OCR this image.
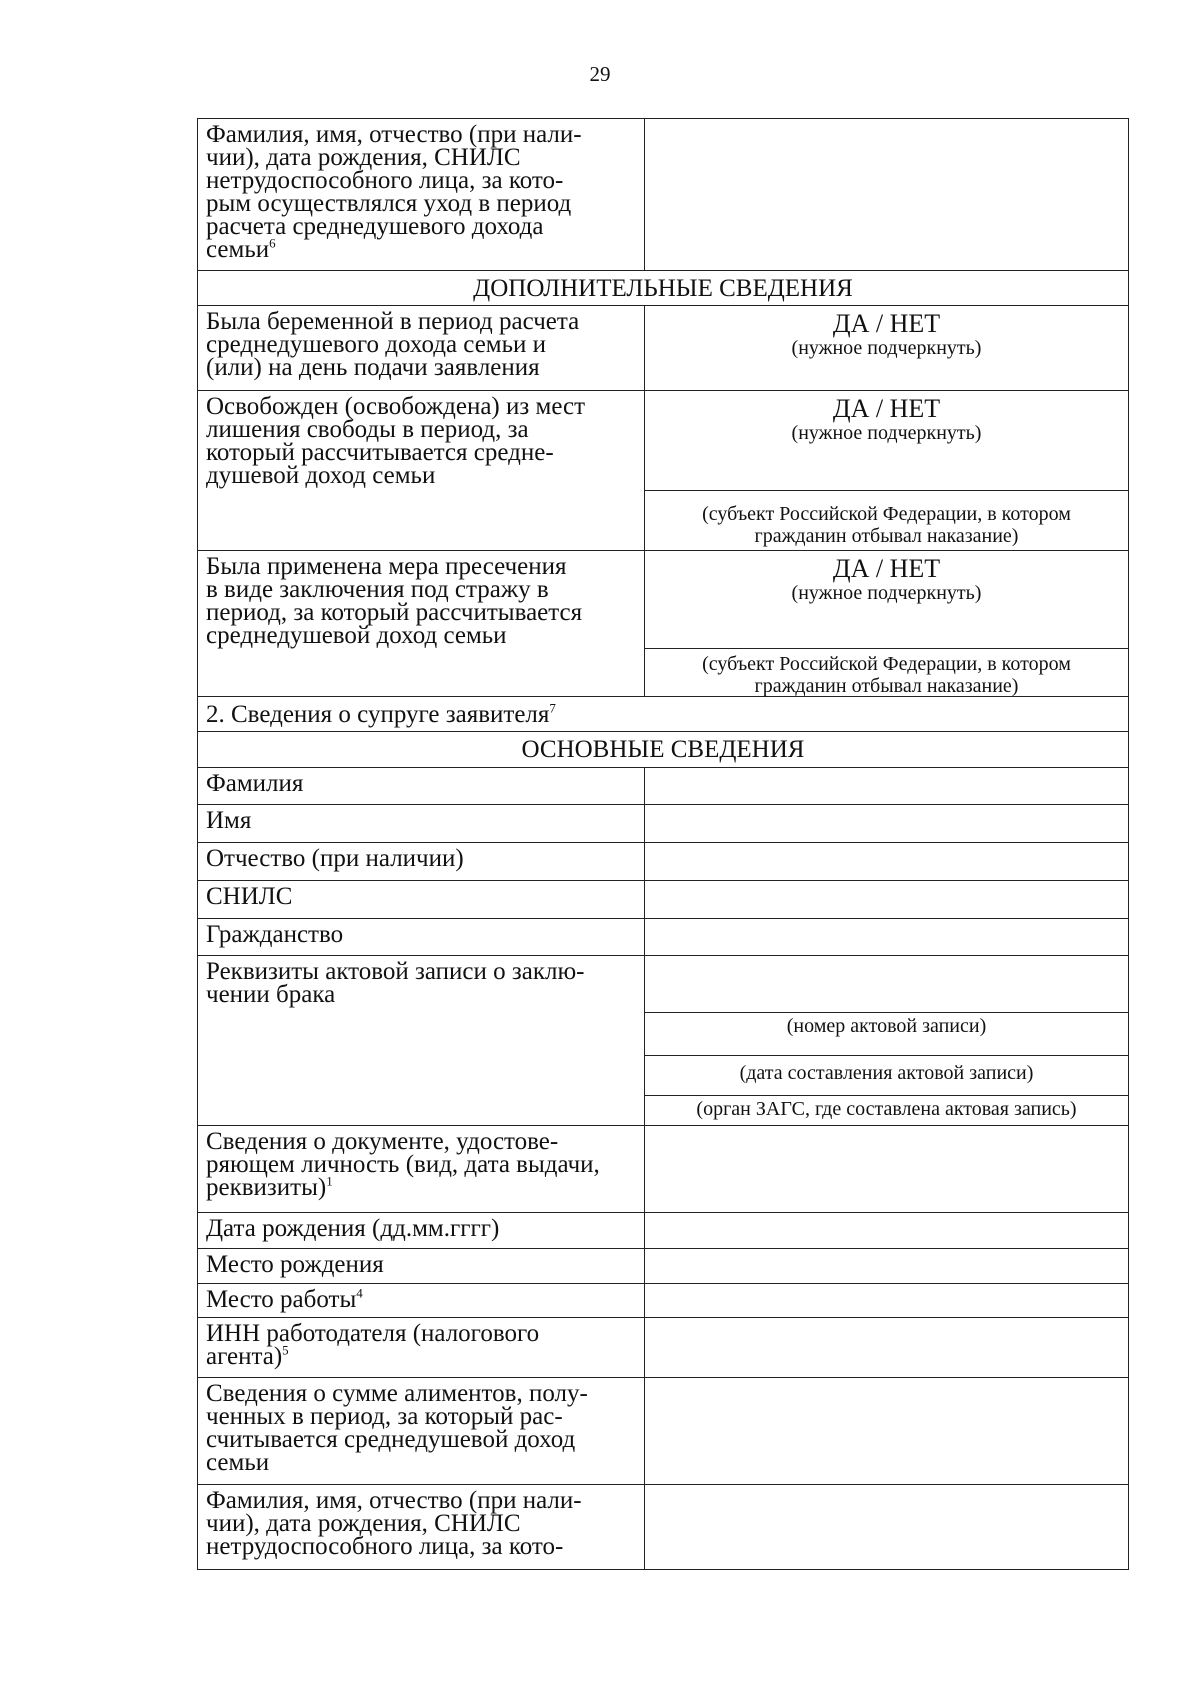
29
Фамилия, имя, отчество (при нали-
чии), дата рождения, СНИЛС
нетрудоспособного лица, за кото-
рым осуществлялся уход в период
расчета среднедушевого дохода
семьи$^6$
ДОПОЛНИТЕЛЬНЫЕ СВЕДЕНИЯ
Была беременной в период расчета
среднедушевого дохода семьи и
(или) на день подачи заявления
ДА / НЕТ
(нужное подчеркнуть)
Освобожден (освобождена) из мест
лишения свободы в период, за
который рассчитывается средне-
душевой доход семьи
ДА / НЕТ
(нужное подчеркнуть)
(субъект Российской Федерации, в котором
гражданин отбывал наказание)
Была применена мера пресечения
в виде заключения под стражу в
период, за который рассчитывается
среднедушевой доход семьи
ДА / НЕТ
(нужное подчеркнуть)
(субъект Российской Федерации, в котором
гражданин отбывал наказание)
2. Сведения о супруге заявителя$^7$
ОСНОВНЫЕ СВЕДЕНИЯ
Фамилия
Имя
Отчество (при наличии)
СНИЛС
Гражданство
Реквизиты актовой записи о заклю-
чении брака
(номер актовой записи)
(дата составления актовой записи)
(орган ЗАГС, где составлена актовая запись)
Сведения о документе, удостове-
ряющем личность (вид, дата выдачи,
реквизиты)$^1$
Дата рождения (дд.мм.гггг)
Место рождения
Место работы$^4$
ИНН работодателя (налогового
агента)$^5$
Сведения о сумме алиментов, полу-
ченных в период, за который рас-
считывается среднедушевой доход
семьи
Фамилия, имя, отчество (при нали-
чии), дата рождения, СНИЛС
нетрудоспособного лица, за кото-
